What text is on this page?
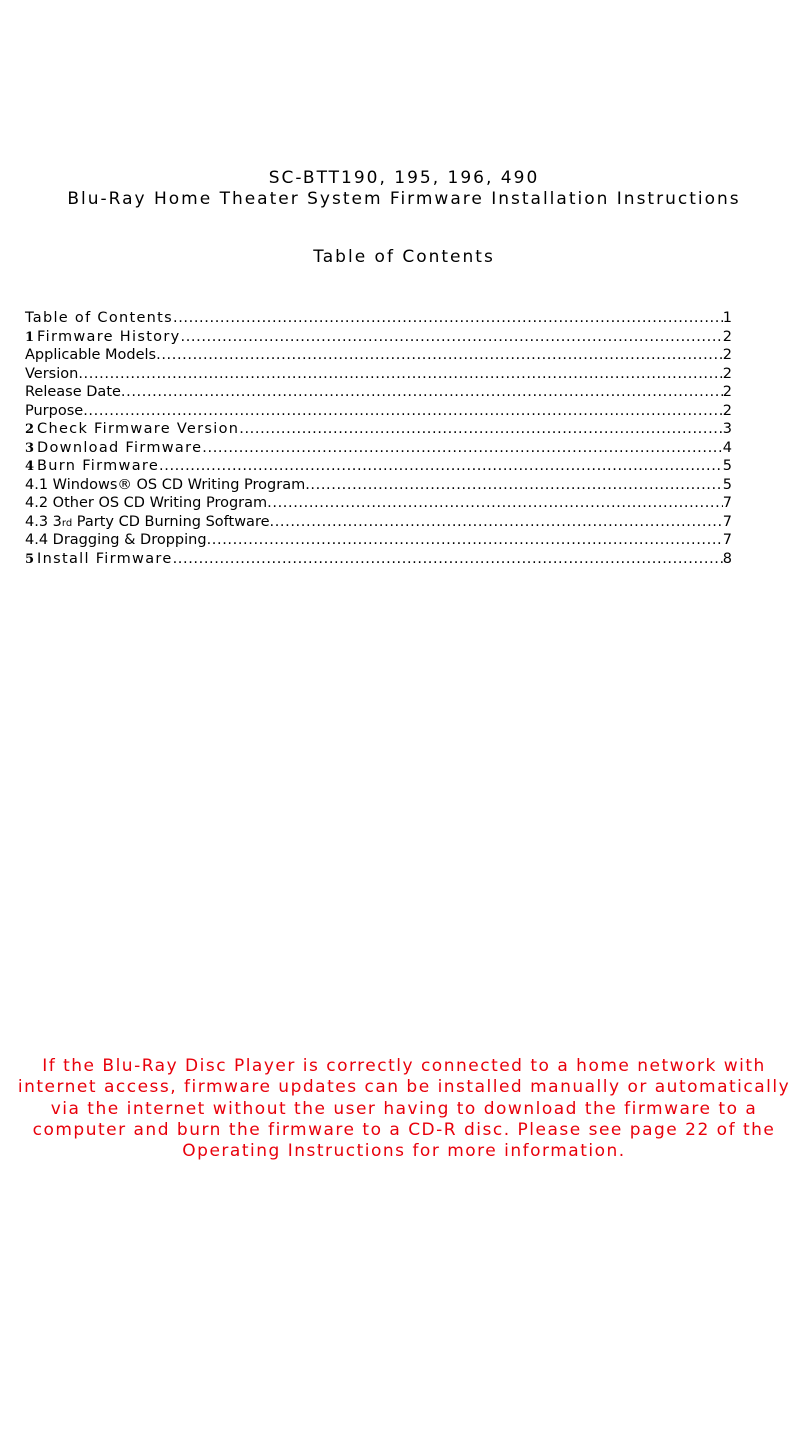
SC-BTT190, 195, 196, 490
Blu-Ray Home Theater System Firmware Installation Instructions
Table of Contents
Table of Contents .....	1
1 Firmware History .....	2
Applicable Models .....	2
Version .....	2
Release Date .....	2
Purpose .....	2
2 Check Firmware Version .....	3
3 Download Firmware .....	4
4 Burn Firmware .....	5
4.1 Windows® OS CD Writing Program .....	5
4.2 Other OS CD Writing Program .....	7
4.3 3rd Party CD Burning Software .....	7
4.4 Dragging & Dropping .....	7
5 Install Firmware .....	8
If the Blu-Ray Disc Player is correctly connected to a home network with internet access, firmware updates can be installed manually or automatically via the internet without the user having to download the firmware to a computer and burn the firmware to a CD-R disc. Please see page 22 of the Operating Instructions for more information.
